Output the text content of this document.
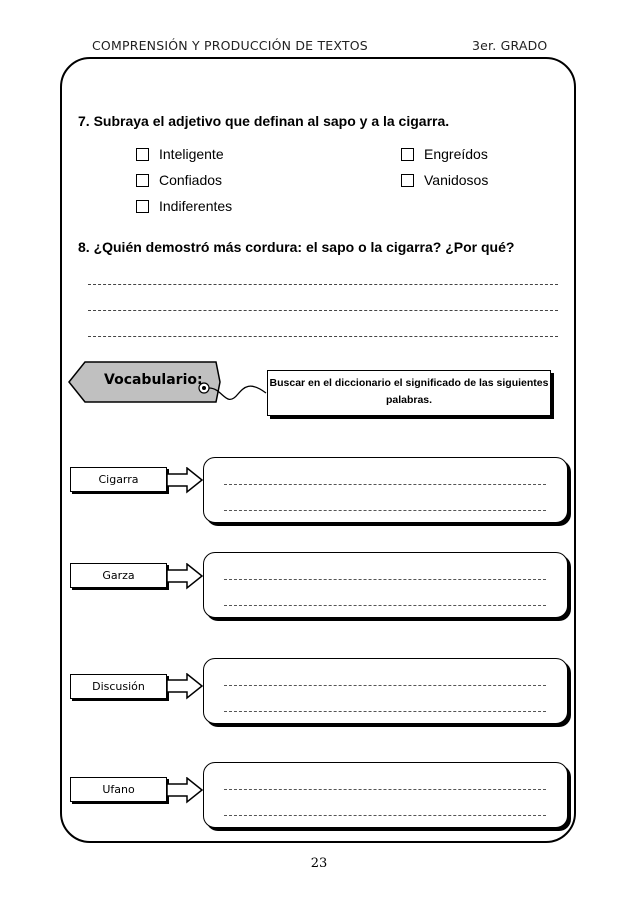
COMPRENSIÓN Y PRODUCCIÓN DE TEXTOS	3er. GRADO
7. Subraya el adjetivo que definan al sapo y a la cigarra.
Inteligente
Confiados
Indiferentes
Engreídos
Vanidosos
8. ¿Quién demostró más cordura: el sapo o la cigarra? ¿Por qué?
Vocabulario:	Buscar en el diccionario el significado de las siguientes palabras.
Cigarra
Garza
Discusión
Ufano
23
